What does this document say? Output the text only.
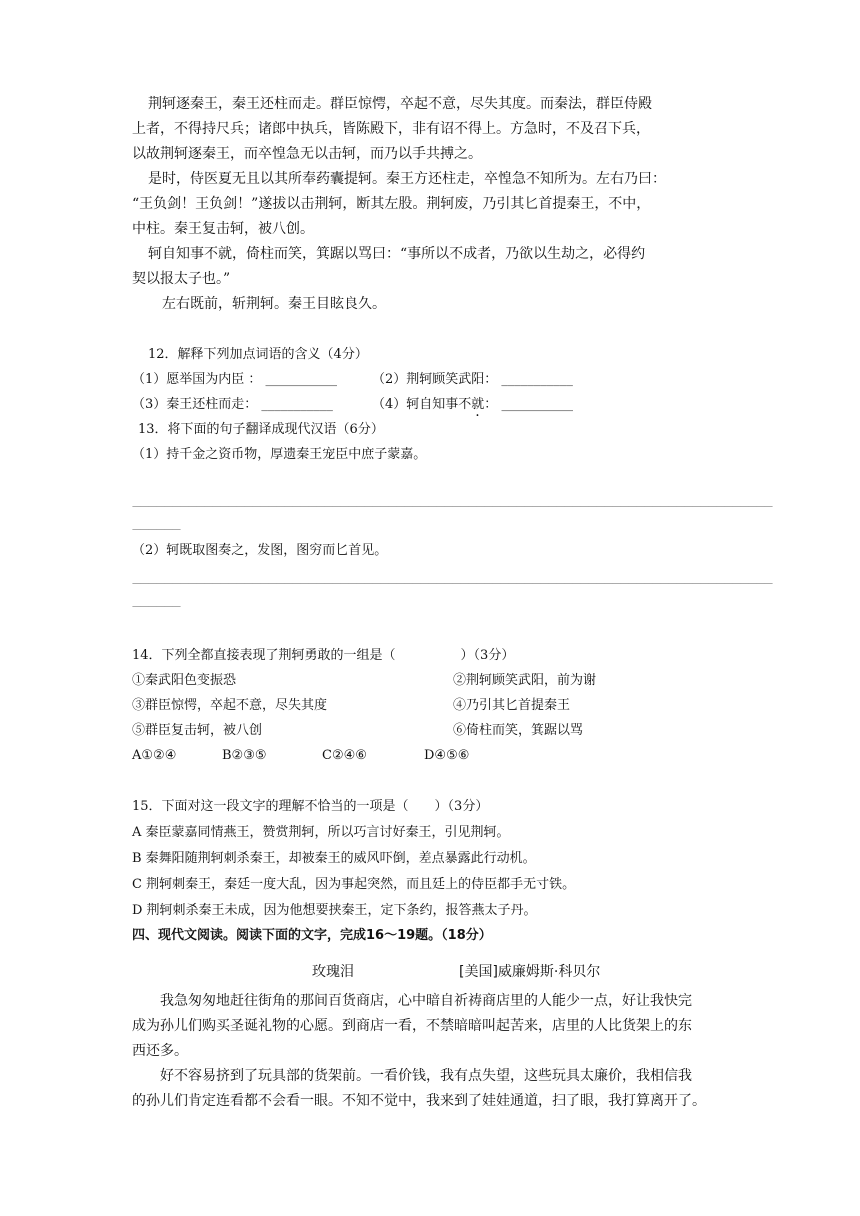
荆轲逐秦王，秦王还柱而走。群臣惊愕，卒起不意，尽失其度。而秦法，群臣侍殿
上者，不得持尺兵；诸郎中执兵，皆陈殿下，非有诏不得上。方急时，不及召下兵，
以故荆轲逐秦王，而卒惶急无以击轲，而乃以手共搏之。
是时，侍医夏无且以其所奉药囊提轲。秦王方还柱走，卒惶急不知所为。左右乃曰：
“王负剑！王负剑！”遂拔以击荆轲，断其左股。荆轲废，乃引其匕首提秦王，不中，
中柱。秦王复击轲，被八创。
轲自知事不就，倚柱而笑，箕踞以骂曰：“事所以不成者，乃欲以生劫之，必得约
契以报太子也。”
左右既前，斩荆轲。秦王目眩良久。
12．解释下列加点词语的含义（4分）
（1）愿举国为内臣 ： ___________	（2）荆轲顾笑武阳： ___________
（3）秦王还柱而走： ___________	（4）轲自知事不就： ___________
13．将下面的句子翻译成现代汉语（6分）
（1）持千金之资币物，厚遗秦王宠臣中庶子蒙嘉。
————————————————————————————————————————————————————————————————————————————————
——————
（2）轲既取图奏之，发图，图穷而匕首见。
————————————————————————————————————————————————————————————————————————————————
——————
14．下列全都直接表现了荆轲勇敢的一组是（　　　　　）（3分）
①秦武阳色变振恐	②荆轲顾笑武阳，前为谢
③群臣惊愕，卒起不意，尽失其度	④乃引其匕首提秦王
⑤群臣复击轲，被八创	⑥倚柱而笑，箕踞以骂
A①②④	B②③⑤	C②④⑥	D④⑤⑥
15．下面对这一段文字的理解不恰当的一项是（　　）（3分）
A 秦臣蒙嘉同情燕王，赞赏荆轲，所以巧言讨好秦王，引见荆轲。
B 秦舞阳随荆轲刺杀秦王，却被秦王的威风吓倒，差点暴露此行动机。
C 荆轲刺秦王，秦廷一度大乱，因为事起突然，而且廷上的侍臣都手无寸铁。
D 荆轲刺杀秦王未成，因为他想要挟秦王，定下条约，报答燕太子丹。
四、现代文阅读。阅读下面的文字，完成16～19题。（18分）
玫瑰泪	[美国]威廉姆斯·科贝尔
我急匆匆地赶往街角的那间百货商店，心中暗自祈祷商店里的人能少一点，好让我快完
成为孙儿们购买圣诞礼物的心愿。到商店一看，不禁暗暗叫起苦来，店里的人比货架上的东
西还多。
好不容易挤到了玩具部的货架前。一看价钱，我有点失望，这些玩具太廉价，我相信我
的孙儿们肯定连看都不会看一眼。不知不觉中，我来到了娃娃通道，扫了眼，我打算离开了。
